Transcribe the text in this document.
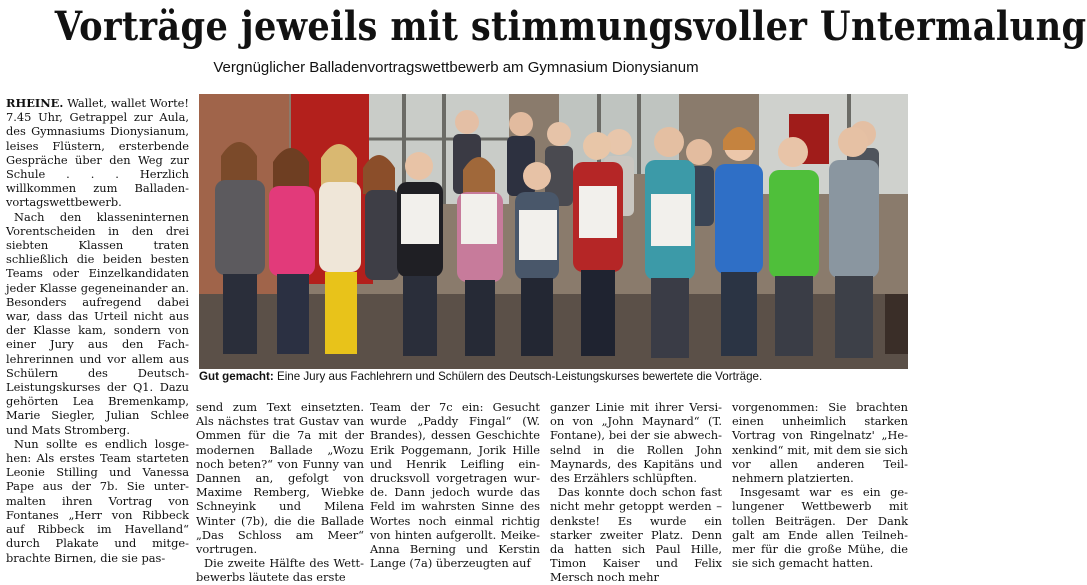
Vorträge jeweils mit stimmungsvoller Untermalung
Vergnüglicher Balladenvortragswettbewerb am Gymnasium Dionysianum

RHEINE. Wallet, wallet Worte! 7.45 Uhr, Getrappel zur Aula, des Gymnasiums Dionysianum, leises Flüstern, ersterbende Gespräche über den Weg zur Schule . . . Herzlich willkommen zum Balladenvortagswettbewerb.

Nach den klasseninternen Vorentscheiden in den drei siebten Klassen traten schließlich die beiden besten Teams oder Einzelkandidaten jeder Klasse gegeneinander an. Besonders aufregend dabei war, dass das Urteil nicht aus der Klasse kam, sondern von einer Jury aus den Fachlehrerinnen und vor allem aus Schülern des Deutsch-Leistungskurses der Q1. Dazu gehörten Lea Bremenkamp, Marie Siegler, Julian Schlee und Mats Stromberg.

Nun sollte es endlich losgehen: Als erstes Team starteten Leonie Stilling und Vanessa Pape aus der 7b. Sie untermalten ihren Vortrag von Fontanes „Herr von Ribbeck auf Ribbeck im Havelland“ durch Plakate und mitgebrachte Birnen, die sie pas-

Gut gemacht: Eine Jury aus Fachlehrern und Schülern des Deutsch-Leistungskurses bewertete die Vorträge.

send zum Text einsetzten. Als nächstes trat Gustav van Ommen für die 7a mit der modernen Ballade „Wozu noch beten?“ von Funny van Dannen an, gefolgt von Maxime Remberg, Wiebke Schneyink und Milena Winter (7b), die die Ballade „Das Schloss am Meer“ vortrugen.

Die zweite Hälfte des Wettbewerbs läutete das erste

Team der 7c ein: Gesucht wurde „Paddy Fingal“ (W. Brandes), dessen Geschichte Erik Poggemann, Jorik Hille und Henrik Leifling eindrucksvoll vorgetragen wurde. Dann jedoch wurde das Feld im wahrsten Sinne des Wortes noch einmal richtig von hinten aufgerollt. Meike-Anna Berning und Kerstin Lange (7a) überzeugten auf

ganzer Linie mit ihrer Version von „John Maynard“ (T. Fontane), bei der sie abwechselnd in die Rollen John Maynards, des Kapitäns und des Erzählers schlüpften.

Das konnte doch schon fast nicht mehr getoppt werden – denkste! Es wurde ein starker zweiter Platz. Denn da hatten sich Paul Hille, Timon Kaiser und Felix Mersch noch mehr

vorgenommen: Sie brachten einen unheimlich starken Vortrag von Ringelnatz' „Hexenkind“ mit, mit dem sie sich vor allen anderen Teilnehmern platzierten.

Insgesamt war es ein gelungener Wettbewerb mit tollen Beiträgen. Der Dank galt am Ende allen Teilnehmer für die große Mühe, die sie sich gemacht hatten.
